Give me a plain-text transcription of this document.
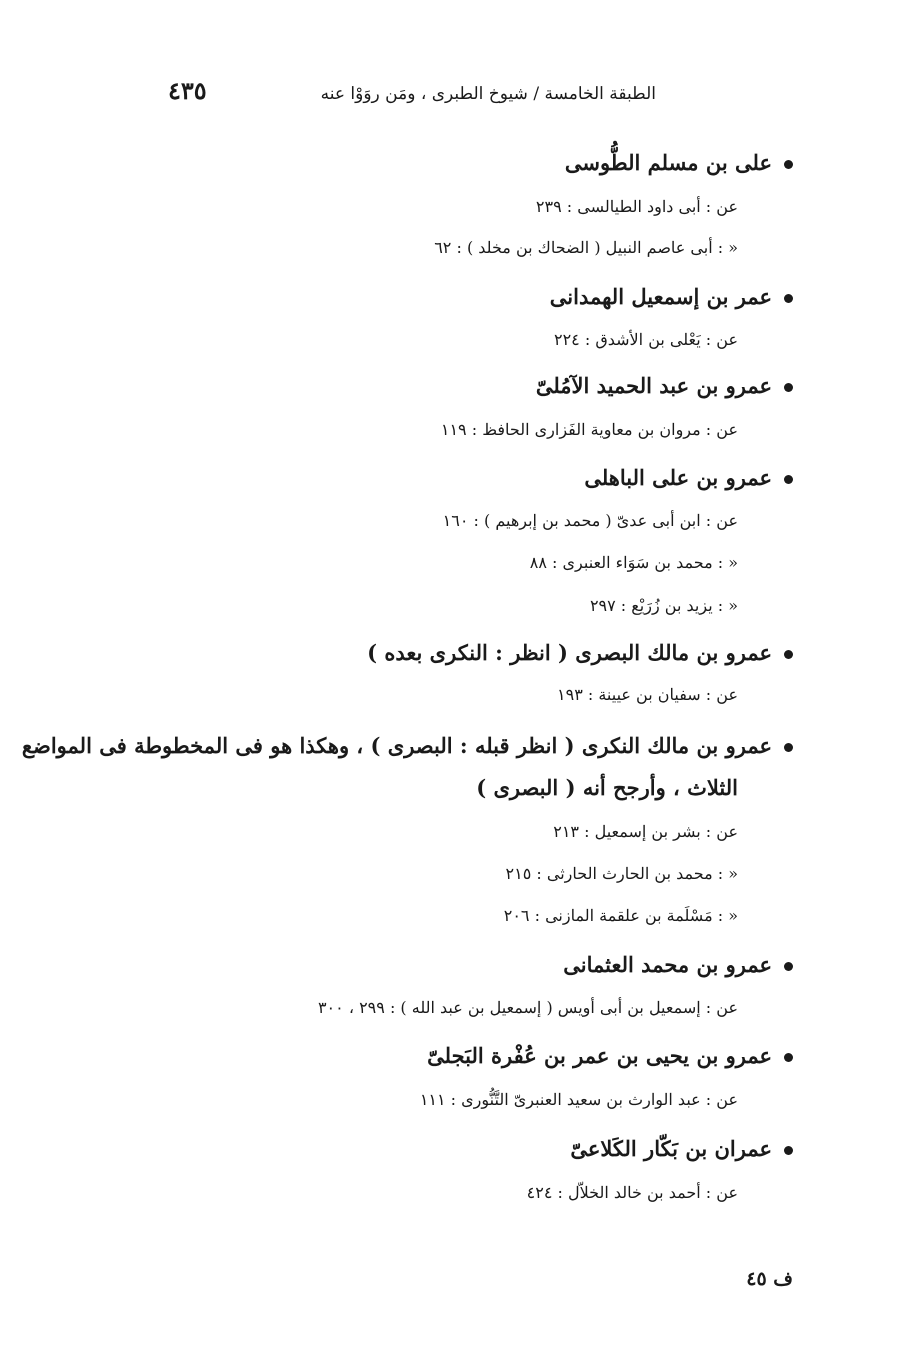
٤٣٥	الطبقة الخامسة / شيوخ الطبرى ، ومَن روَوْا عنه
على بن مسلم الطُّوسى
عن : أبى داود الطيالسى : ٢٣٩
« : أبى عاصم النبيل ( الضحاك بن مخلد ) : ٦٢
عمر بن إسمعيل الهمدانى
عن : يَعْلى بن الأشدق : ٢٢٤
عمرو بن عبد الحميد الآمُلىّ
عن : مروان بن معاوية الفَزارى الحافظ : ١١٩
عمرو بن على الباهلى
عن : ابن أبى عدىّ ( محمد بن إبرهيم ) : ١٦٠
« : محمد بن سَوَاء العنبرى : ٨٨
« : يزيد بن زُرَيْع : ٢٩٧
عمرو بن مالك البصرى ( انظر : النكرى بعده )
عن : سفيان بن عيينة : ١٩٣
عمرو بن مالك النكرى ( انظر قبله : البصرى ) ، وهكذا هو فى المخطوطة فى المواضع
الثلاث ، وأرجح أنه ( البصرى )
عن : بشر بن إسمعيل : ٢١٣
« : محمد بن الحارث الحارثى : ٢١٥
« : مَسْلَمة بن علقمة المازنى : ٢٠٦
عمرو بن محمد العثمانى
عن : إسمعيل بن أبى أويس ( إسمعيل بن عبد الله ) : ٢٩٩ ، ٣٠٠
عمرو بن يحيى بن عمر بن عُفْرة البَجلىّ
عن : عبد الوارث بن سعيد العنبرىّ التَّنُّورى : ١١١
عمران بن بَكّار الكَلاعىّ
عن : أحمد بن خالد الخلاّل : ٤٢٤
ف ٤٥
